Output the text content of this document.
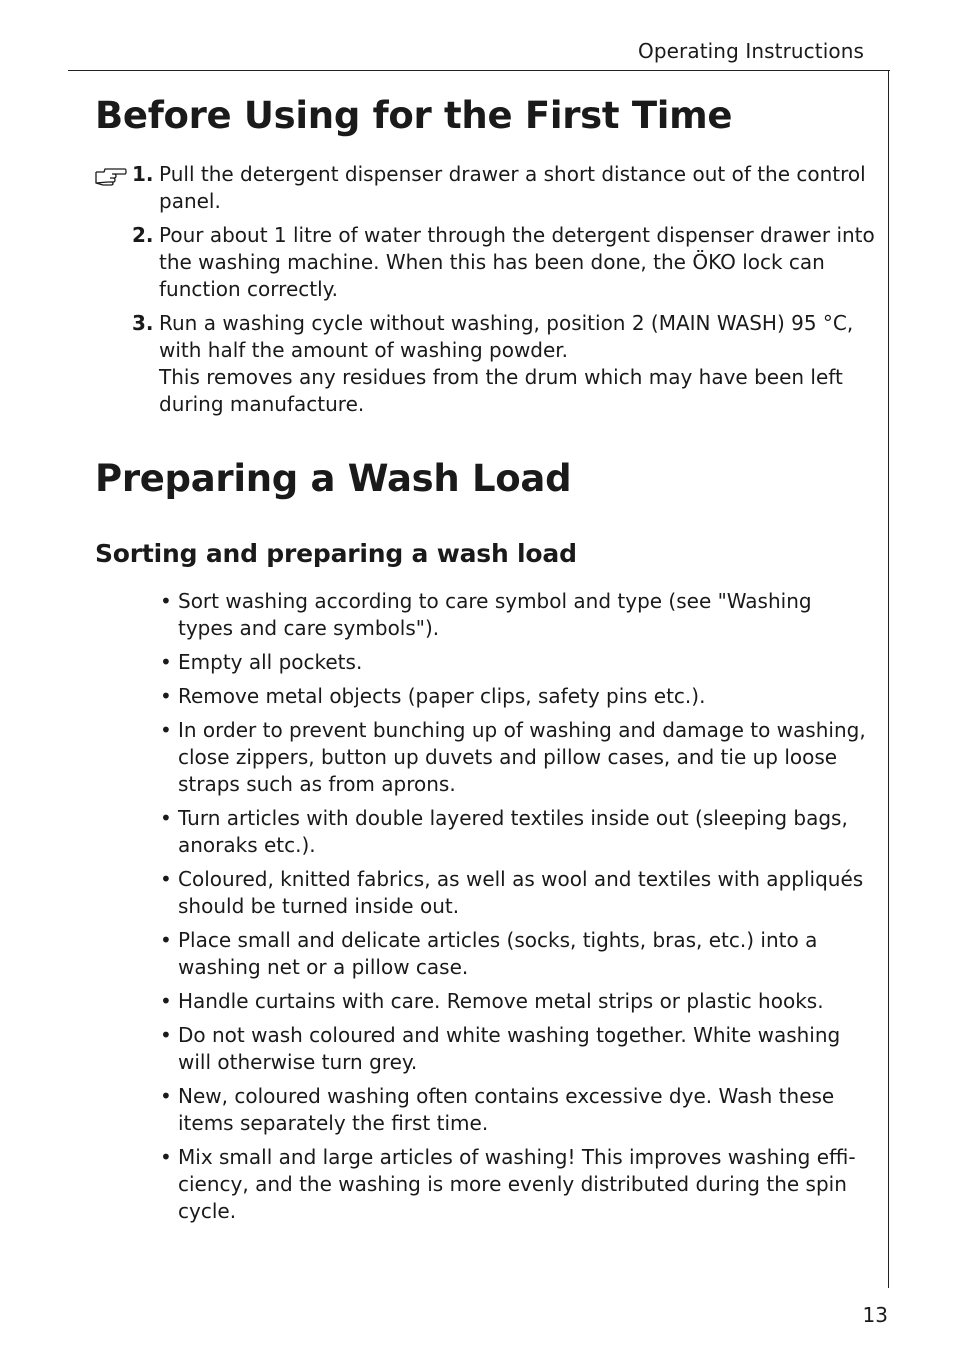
Operating Instructions
Before Using for the First Time
1. Pull the detergent dispenser drawer a short distance out of the control panel.
2. Pour about 1 litre of water through the detergent dispenser drawer into the washing machine. When this has been done, the ÖKO lock can function correctly.
3. Run a washing cycle without washing, position 2 (MAIN WASH) 95 °C, with half the amount of washing powder.
This removes any residues from the drum which may have been left during manufacture.
Preparing a Wash Load
Sorting and preparing a wash load
• Sort washing according to care symbol and type (see "Washing types and care symbols").
• Empty all pockets.
• Remove metal objects (paper clips, safety pins etc.).
• In order to prevent bunching up of washing and damage to washing, close zippers, button up duvets and pillow cases, and tie up loose straps such as from aprons.
• Turn articles with double layered textiles inside out (sleeping bags, anoraks etc.).
• Coloured, knitted fabrics, as well as wool and textiles with appliqués should be turned inside out.
• Place small and delicate articles (socks, tights, bras, etc.) into a washing net or a pillow case.
• Handle curtains with care. Remove metal strips or plastic hooks.
• Do not wash coloured and white washing together. White washing will otherwise turn grey.
• New, coloured washing often contains excessive dye. Wash these items separately the first time.
• Mix small and large articles of washing! This improves washing effi-ciency, and the washing is more evenly distributed during the spin cycle.
13
